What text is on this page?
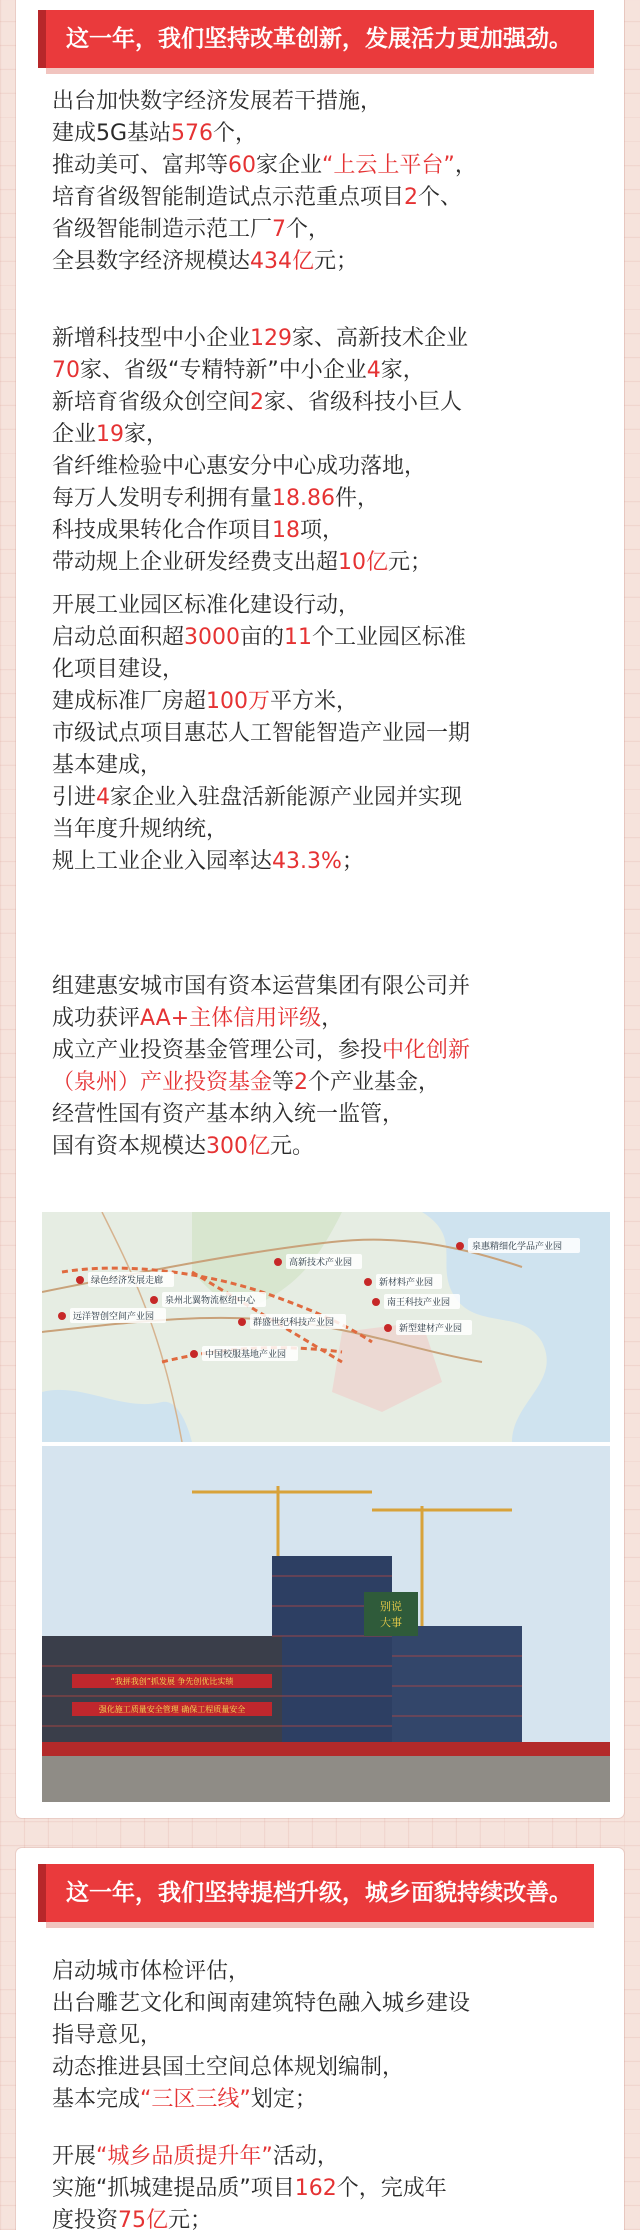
这一年，我们坚持改革创新，发展活力更加强劲。
出台加快数字经济发展若干措施，
建成5G基站576个，
推动美可、富邦等60家企业“上云上平台”，
培育省级智能制造试点示范重点项目2个、
省级智能制造示范工厂7个，
全县数字经济规模达434亿元；
新增科技型中小企业129家、高新技术企业
70家、省级“专精特新”中小企业4家，
新培育省级众创空间2家、省级科技小巨人
企业19家，
省纤维检验中心惠安分中心成功落地，
每万人发明专利拥有量18.86件，
科技成果转化合作项目18项，
带动规上企业研发经费支出超10亿元；
开展工业园区标准化建设行动，
启动总面积超3000亩的11个工业园区标准
化项目建设，
建成标准厂房超100万平方米，
市级试点项目惠芯人工智能智造产业园一期
基本建成，
引进4家企业入驻盘活新能源产业园并实现
当年度升规纳统，
规上工业企业入园率达43.3%；
组建惠安城市国有资本运营集团有限公司并
成功获评AA+主体信用评级，
成立产业投资基金管理公司，参投中化创新
（泉州）产业投资基金等2个产业基金，
经营性国有资产基本纳入统一监管，
国有资本规模达300亿元。
泉惠精细化学品产业园
绿色经济发展走廊
泉州北翼物流枢纽中心
高新技术产业园
新材料产业园
南王科技产业园
远洋智创空间产业园
群盛世纪科技产业园
新型建材产业园
中国校服基地产业园
别说
“我拼我创”抓发展 争先创优比实绩
强化施工质量安全管理 确保工程质量安全
大事
这一年，我们坚持提档升级，城乡面貌持续改善。
启动城市体检评估，
出台雕艺文化和闽南建筑特色融入城乡建设
指导意见，
动态推进县国土空间总体规划编制，
基本完成“三区三线”划定；
开展“城乡品质提升年”活动，
实施“抓城建提品质”项目162个，完成年
度投资75亿元；
